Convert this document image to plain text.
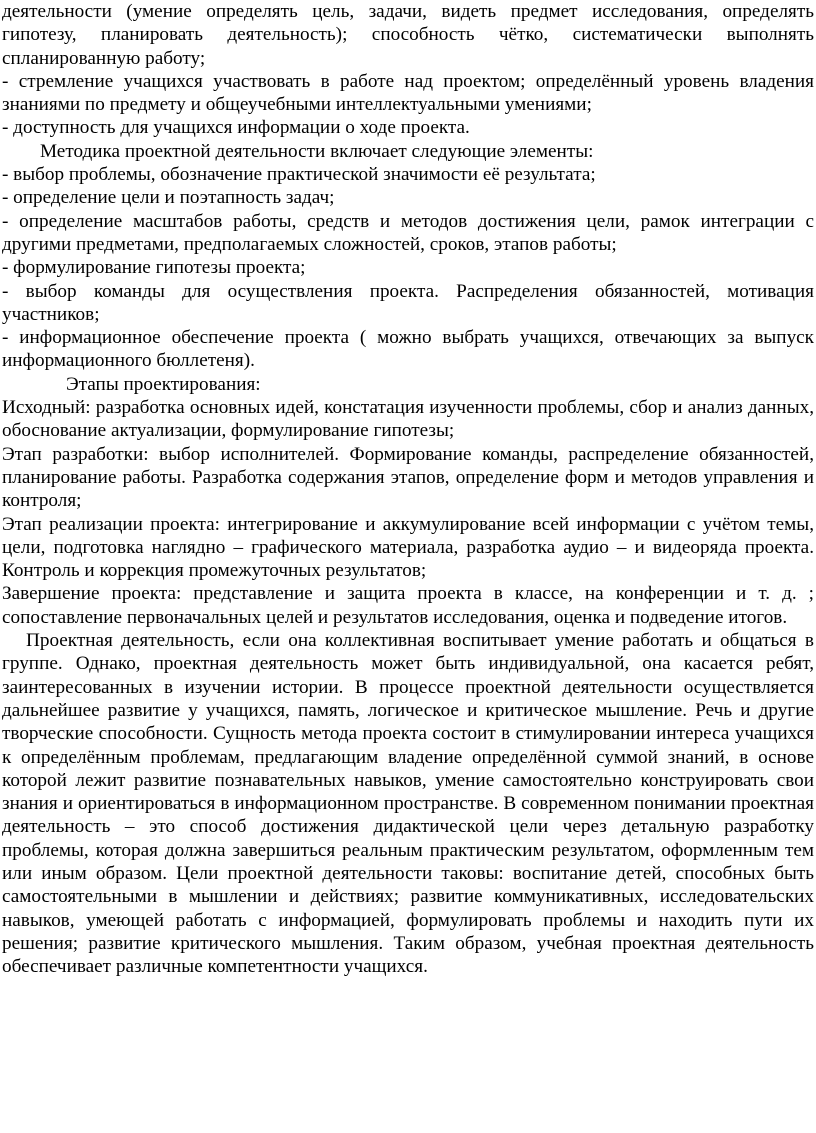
деятельности (умение определять цель, задачи, видеть предмет исследования, определять гипотезу, планировать деятельность); способность чётко, систематически выполнять спланированную работу;

- стремление учащихся участвовать в работе над проектом; определённый уровень владения знаниями по предмету и общеучебными интеллектуальными умениями;

- доступность для учащихся информации о ходе проекта.

Методика проектной деятельности включает следующие элементы:

- выбор проблемы, обозначение практической значимости её результата;

- определение цели и поэтапность задач;

- определение масштабов работы, средств и методов достижения цели, рамок интеграции с другими предметами, предполагаемых сложностей, сроков, этапов работы;

- формулирование гипотезы проекта;

- выбор команды для осуществления проекта. Распределения обязанностей, мотивация участников;

- информационное обеспечение проекта ( можно выбрать учащихся, отвечающих за выпуск информационного бюллетеня).

Этапы проектирования:

Исходный: разработка основных идей, констатация изученности проблемы, сбор и анализ данных, обоснование актуализации, формулирование гипотезы;

Этап разработки: выбор исполнителей. Формирование команды, распределение обязанностей, планирование работы. Разработка содержания этапов, определение форм и методов управления и контроля;

Этап реализации проекта: интегрирование и аккумулирование всей информации с учётом темы, цели, подготовка наглядно – графического материала, разработка аудио – и видеоряда проекта. Контроль и коррекция промежуточных результатов;

Завершение проекта: представление и защита проекта в классе, на конференции и т. д. ; сопоставление первоначальных целей и результатов исследования, оценка и подведение итогов.

Проектная деятельность, если она коллективная воспитывает умение работать и общаться в группе. Однако, проектная деятельность может быть индивидуальной, она касается ребят, заинтересованных в изучении истории. В процессе проектной деятельности осуществляется дальнейшее развитие у учащихся, память, логическое и критическое мышление. Речь и другие творческие способности. Сущность метода проекта состоит в стимулировании интереса учащихся к определённым проблемам, предлагающим владение определённой суммой знаний, в основе которой лежит развитие познавательных навыков, умение самостоятельно конструировать свои знания и ориентироваться в информационном пространстве. В современном понимании проектная деятельность – это способ достижения дидактической цели через детальную разработку проблемы, которая должна завершиться реальным практическим результатом, оформленным тем или иным образом. Цели проектной деятельности таковы: воспитание детей, способных быть самостоятельными в мышлении и действиях; развитие коммуникативных, исследовательских навыков, умеющей работать с информацией, формулировать проблемы и находить пути их решения; развитие критического мышления. Таким образом, учебная проектная деятельность обеспечивает различные компетентности учащихся.
